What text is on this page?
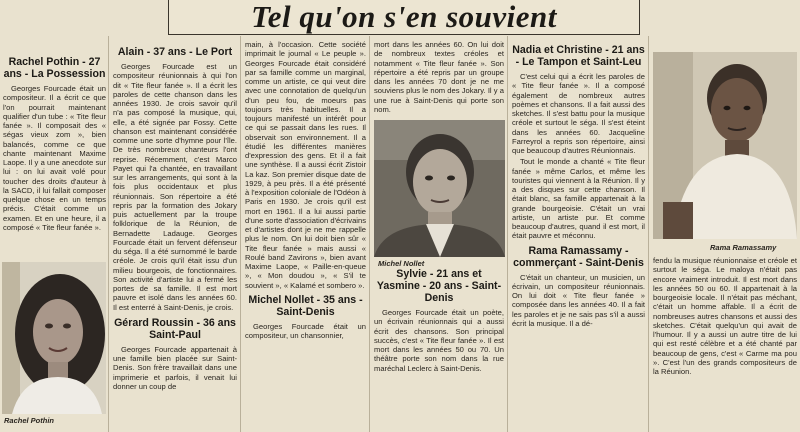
Tel qu'on s'en souvient
Rachel Pothin - 27 ans - La Possession

Georges Fourcade était un compositeur. Il a écrit ce que l'on pourrait maintenant qualifier d'un tube : « Tite fleur fanée ». Il composait des « ségas vieux zom », bien balancés, comme ce que chante maintenant Maxime Laope. Il y a une anecdote sur lui : on lui avait volé pour toucher des droits d'auteur à la SACD, il lui fallait composer quelque chose en un temps précis. C'était comme un examen. Et en une heure, il a composé « Tite fleur fanée ».

Rachel Pothin
Alain - 37 ans - Le Port

Georges Fourcade est un compositeur réunionnais à qui l'on dit « Tite fleur fanée ». Il a écrit les paroles de cette chanson dans les années 1930. Je crois savoir qu'il n'a pas composé la musique, qui, elle, a été signée par Fossy. Cette chanson est maintenant considérée comme une sorte d'hymne pour l'île. De très nombreux chanteurs l'ont reprise. Récemment, c'est Marco Payet qui l'a chantée, en travaillant sur les arrangements, qui sont à la fois plus occidentaux et plus réunionnais. Son répertoire a été repris par la formation des Jokary puis actuellement par la troupe folklorique de la Réunion, de Bernadette Ladauge. Georges Fourcade était un fervent défenseur du séga. Il a été surnommé le barde créole. Je crois qu'il était issu d'un milieu bourgeois, de fonctionnaires. Son activité d'artiste lui a fermé les portes de sa famille. Il est mort pauvre et isolé dans les années 60. Il est enterré à Saint-Denis, je crois.

Gérard Roussin - 36 ans Saint-Paul

Georges Fourcade appartenait à une famille bien placée sur Saint-Denis. Son frère travaillait dans une imprimerie et parfois, il venait lui donner un coup de

main, à l'occasion. Cette société imprimait le journal « Le peuple ». Georges Fourcade était considéré par sa famille comme un marginal, comme un artiste, ce qui veut dire avec une connotation de quelqu'un d'un peu fou, de moeurs pas toujours très habituelles. Il a toujours manifesté un intérêt pour ce qui se passait dans les rues. Il observait son environnement. Il a étudié les différentes manières d'expression des gens. Et il a fait une synthèse. Il a aussi écrit Zistoir La kaz. Son premier disque date de 1929, à peu près. Il a été présenté à l'exposition coloniale de l'Odéon à Paris en 1930. Je crois qu'il est mort en 1961. Il a lui aussi partie d'une sorte d'association d'écrivains et d'artistes dont je ne me rappelle plus le nom. On lui doit bien sûr « Tite fleur fanée » mais aussi « Roulé band Zavirons », bien avant Maxime Laope, « Paille-en-queue », « Mon doudou », « S'il te souvient », « Kalamé et sombero ».

Michel Nollet - 35 ans - Saint-Denis

Georges Fourcade était un compositeur, un chansonnier,

mort dans les années 60. On lui doit de nombreux textes créoles et notamment « Tite fleur fanée ». Son répertoire a été repris par un groupe dans les années 70 dont je ne me souviens plus le nom des Jokary. Il y a une rue à Saint-Denis qui porte son nom.

Michel Nollet
Sylvie - 21 ans et Yasmine - 20 ans - Saint-Denis

Georges Fourcade était un poète, un écrivain réunionnais qui a aussi écrit des chansons. Son principal succès, c'est « Tite fleur fanée ». Il est mort dans les années 50 ou 70. Un théâtre porte son nom dans la rue maréchal Leclerc à Saint-Denis.

Nadia et Christine - 21 ans - Le Tampon et Saint-Leu

C'est celui qui a écrit les paroles de « Tite fleur fanée ». Il a composé également de nombreux autres poèmes et chansons. Il a fait aussi des sketches. Il s'est battu pour la musique créole et surtout le séga. Il s'est éteint dans les années 60. Jacqueline Farreyrol a repris son répertoire, ainsi que beaucoup d'autres Réunionnais.

Tout le monde a chanté « Tite fleur fanée » même Carlos, et même les touristes qui viennent à la Réunion. Il y a des disques sur cette chanson. Il était blanc, sa famille appartenait à la grande bourgeoisie. C'était un vrai artiste, un artiste pur. Et comme beaucoup d'autres, quand il est mort, il était pauvre et méconnu.

Rama Ramassamy - commerçant - Saint-Denis

C'était un chanteur, un musicien, un écrivain, un compositeur réunionnais. On lui doit « Tite fleur fanée » composée dans les années 40. Il a fait les paroles et je ne sais pas s'il a aussi écrit la musique. Il a dé-

Rama Ramassamy

fendu la musique réunionnaise et créole et surtout le séga. Le maloya n'était pas encore vraiment introduit. Il est mort dans les années 50 ou 60. Il appartenait à la bourgeoisie locale. Il n'était pas méchant, c'était un homme affable. Il a écrit de nombreuses autres chansons et aussi des sketches. C'était quelqu'un qui avait de l'humour. Il y a aussi un autre titre de lui qui est resté célèbre et a été chanté par beaucoup de gens, c'est « Carme ma pou ». C'est l'un des grands compositeurs de la Réunion.
